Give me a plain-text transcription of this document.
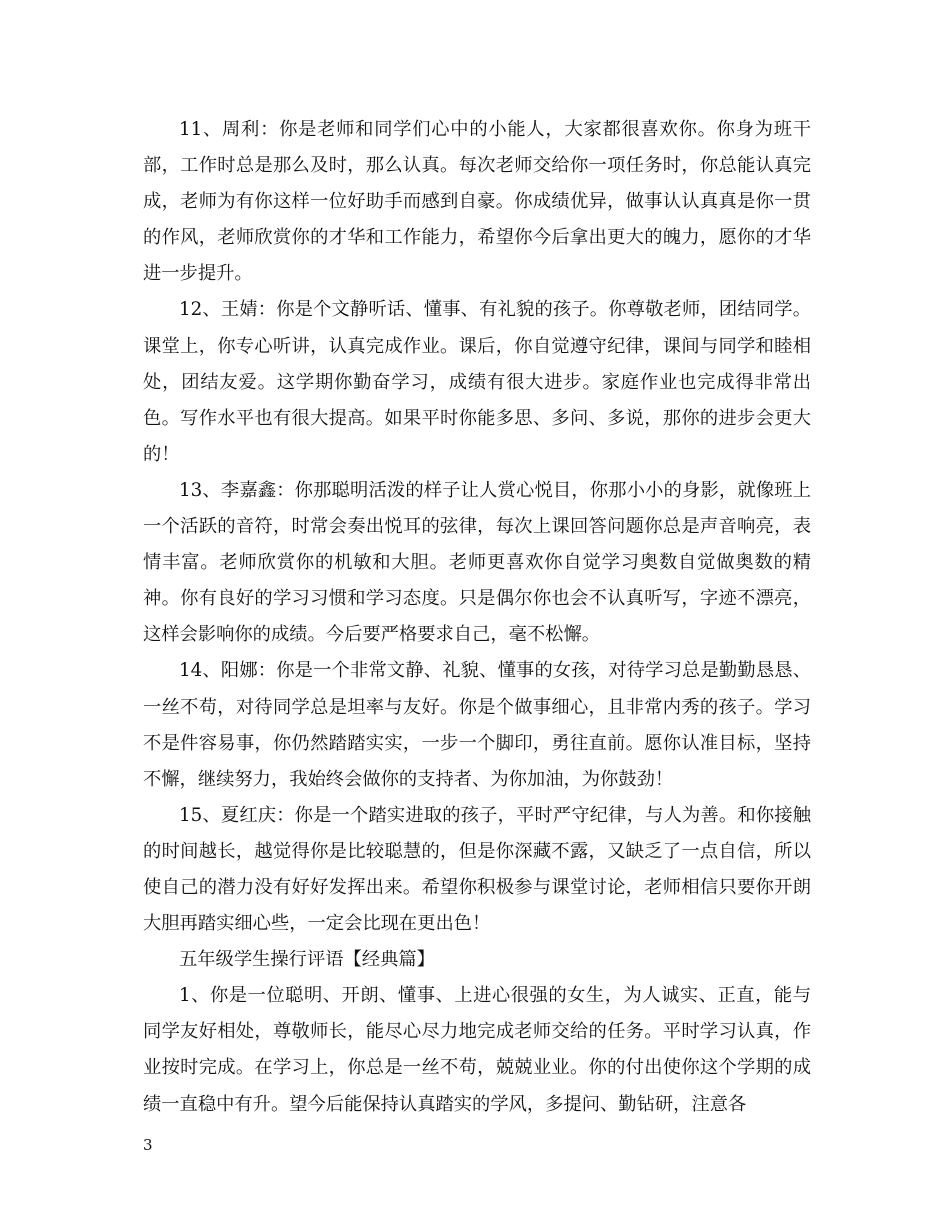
11、周利：你是老师和同学们心中的小能人，大家都很喜欢你。你身为班干部，工作时总是那么及时，那么认真。每次老师交给你一项任务时，你总能认真完成，老师为有你这样一位好助手而感到自豪。你成绩优异，做事认认真真是你一贯的作风，老师欣赏你的才华和工作能力，希望你今后拿出更大的魄力，愿你的才华进一步提升。

12、王婧：你是个文静听话、懂事、有礼貌的孩子。你尊敬老师，团结同学。课堂上，你专心听讲，认真完成作业。课后，你自觉遵守纪律，课间与同学和睦相处，团结友爱。这学期你勤奋学习，成绩有很大进步。家庭作业也完成得非常出色。写作水平也有很大提高。如果平时你能多思、多问、多说，那你的进步会更大的！

13、李嘉鑫：你那聪明活泼的样子让人赏心悦目，你那小小的身影，就像班上一个活跃的音符，时常会奏出悦耳的弦律，每次上课回答问题你总是声音响亮，表情丰富。老师欣赏你的机敏和大胆。老师更喜欢你自觉学习奥数自觉做奥数的精神。你有良好的学习习惯和学习态度。只是偶尔你也会不认真听写，字迹不漂亮，这样会影响你的成绩。今后要严格要求自己，毫不松懈。

14、阳娜：你是一个非常文静、礼貌、懂事的女孩，对待学习总是勤勤恳恳、一丝不苟，对待同学总是坦率与友好。你是个做事细心，且非常内秀的孩子。学习不是件容易事，你仍然踏踏实实，一步一个脚印，勇往直前。愿你认准目标，坚持不懈，继续努力，我始终会做你的支持者、为你加油，为你鼓劲！

15、夏红庆：你是一个踏实进取的孩子，平时严守纪律，与人为善。和你接触的时间越长，越觉得你是比较聪慧的，但是你深藏不露，又缺乏了一点自信，所以使自己的潜力没有好好发挥出来。希望你积极参与课堂讨论，老师相信只要你开朗大胆再踏实细心些，一定会比现在更出色！

五年级学生操行评语【经典篇】

1、你是一位聪明、开朗、懂事、上进心很强的女生，为人诚实、正直，能与同学友好相处，尊敬师长，能尽心尽力地完成老师交给的任务。平时学习认真，作业按时完成。在学习上，你总是一丝不苟，兢兢业业。你的付出使你这个学期的成绩一直稳中有升。望今后能保持认真踏实的学风，多提问、勤钻研，注意各

3
